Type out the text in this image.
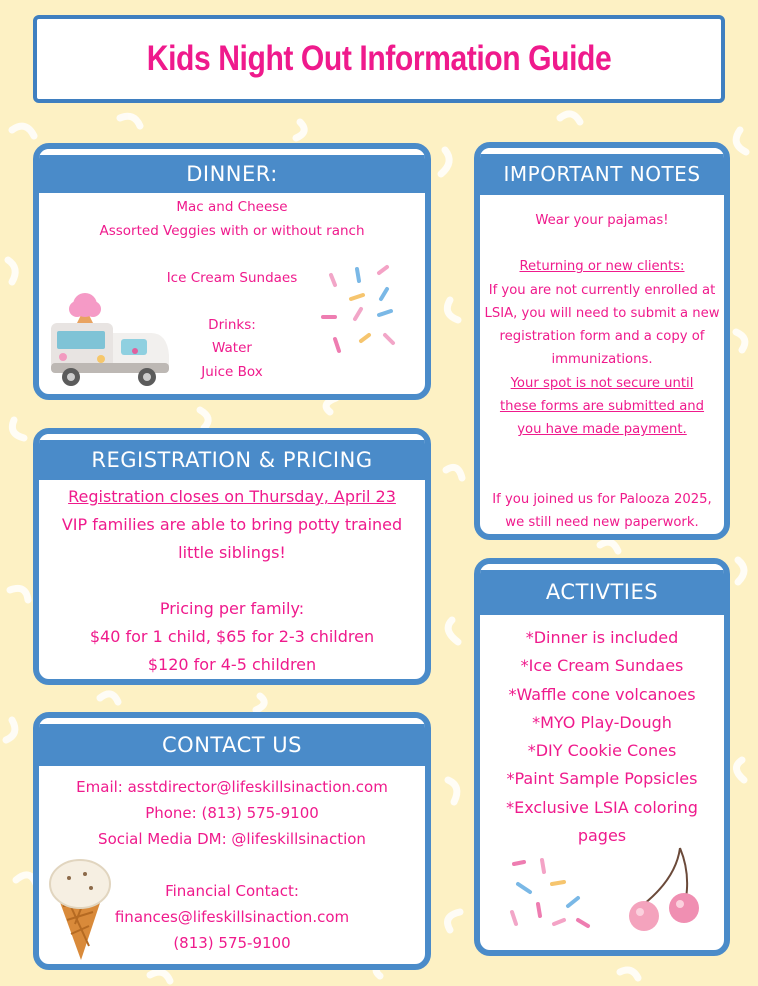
Kids Night Out Information Guide
DINNER:
Mac and Cheese
Assorted Veggies with or without ranch
Ice Cream Sundaes
Drinks:
Water
Juice Box
REGISTRATION & PRICING
Registration closes on Thursday, April 23
VIP families are able to bring potty trained little siblings!
Pricing per family:
$40 for 1 child, $65 for 2-3 children
$120 for 4-5 children
CONTACT US
Email: asstdirector@lifeskillsinaction.com
Phone: (813) 575-9100
Social Media DM: @lifeskillsinaction
Financial Contact:
finances@lifeskillsinaction.com
(813) 575-9100
IMPORTANT NOTES
Wear your pajamas!
Returning or new clients:
If you are not currently enrolled at LSIA, you will need to submit a new registration form and a copy of immunizations.
Your spot is not secure until these forms are submitted and you have made payment.
If you joined us for Palooza 2025, we still need new paperwork.
ACTIVTIES
*Dinner is included
*Ice Cream Sundaes
*Waffle cone volcanoes
*MYO Play-Dough
*DIY Cookie Cones
*Paint Sample Popsicles
*Exclusive LSIA coloring pages
